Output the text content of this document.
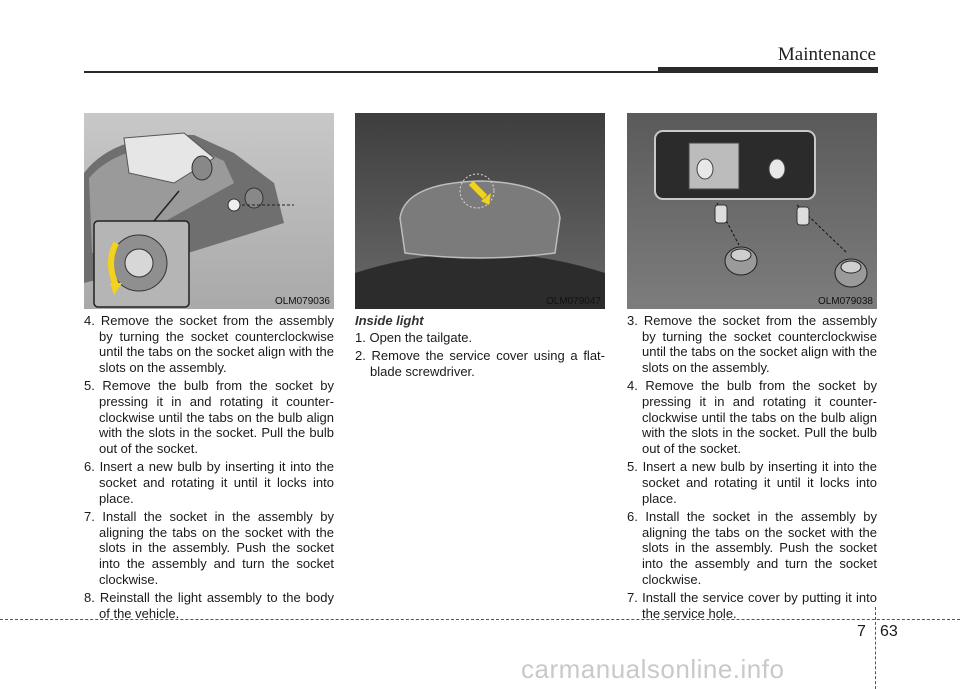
Maintenance
OLM079036	OLM079047	OLM079038
4. Remove the socket from the assembly by turning the socket counterclockwise until the tabs on the socket align with the slots on the assembly.
5. Remove the bulb from the socket by pressing it in and rotating it counter-clockwise until the tabs on the bulb align with the slots in the socket. Pull the bulb out of the socket.
6. Insert a new bulb by inserting it into the socket and rotating it until it locks into place.
7. Install the socket in the assembly by aligning the tabs on the socket with the slots in the assembly. Push the socket into the assembly and turn the socket clockwise.
8. Reinstall the light assembly to the body of the vehicle.
Inside light
1. Open the tailgate.
2. Remove the service cover using a flat-blade screwdriver.
3. Remove the socket from the assembly by turning the socket counterclockwise until the tabs on the socket align with the slots on the assembly.
4. Remove the bulb from the socket by pressing it in and rotating it counter-clockwise until the tabs on the bulb align with the slots in the socket. Pull the bulb out of the socket.
5. Insert a new bulb by inserting it into the socket and rotating it until it locks into place.
6. Install the socket in the assembly by aligning the tabs on the socket with the slots in the assembly. Push the socket into the assembly and turn the socket clockwise.
7. Install the service cover by putting it into the service hole.
7 63
carmanualsonline.info
